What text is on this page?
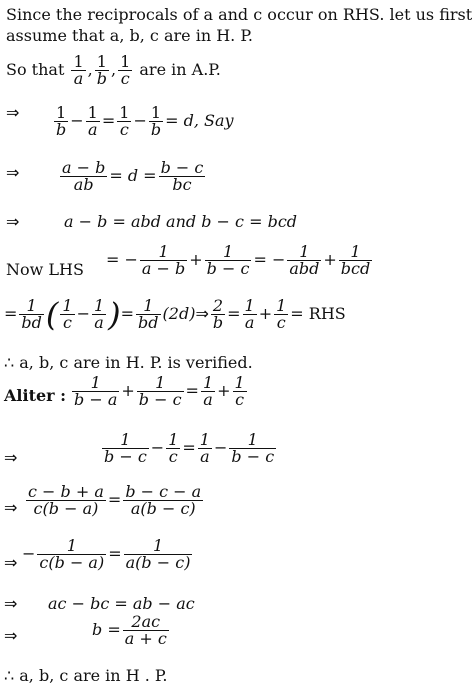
Since the reciprocals of a and c occur on RHS. let us first
assume that a, b, c are in H. P.
So that $\frac{1}{a}$ , $\frac{1}{b}$ , $\frac{1}{c}$ are in A.P.
⇒ $\frac{1}{b} - \frac{1}{a} = \frac{1}{c} - \frac{1}{b} = d$, Say
⇒	$\frac{a - b}{ab} = d = \frac{b - c}{bc}$
⇒	a − b = abd and b − c = bcd
Now LHS
= − $\frac{1}{a - b} + \frac{1}{b - c}$ = − $\frac{1}{\text{abd}} + \frac{1}{\text{bcd}}$
= $\frac{1}{bd}$ ( $\frac{1}{c} - \frac{1}{a}$ )= $\frac{1}{bd}$ (2d)⇒ $\frac{2}{b} = \frac{1}{a} + \frac{1}{c}$ = RHS
∴ a, b, c are in H. P. is verified.
Aliter : $\frac{1}{b - a} + \frac{1}{b - c} = \frac{1}{a} + \frac{1}{c}$
⇒	$\frac{1}{b - c} - \frac{1}{c} = \frac{1}{a} - \frac{1}{b - c}$
⇒ $\frac{c - b + a}{c(b - a)} = \frac{b - c - a}{a(b - c)}$
⇒ − $\frac{1}{c(b - a)} = \frac{1}{a(b - c)}$
⇒ ac − bc = ab − ac
⇒	$b = \frac{2ac}{a + c}$
∴ a, b, c are in H . P.
